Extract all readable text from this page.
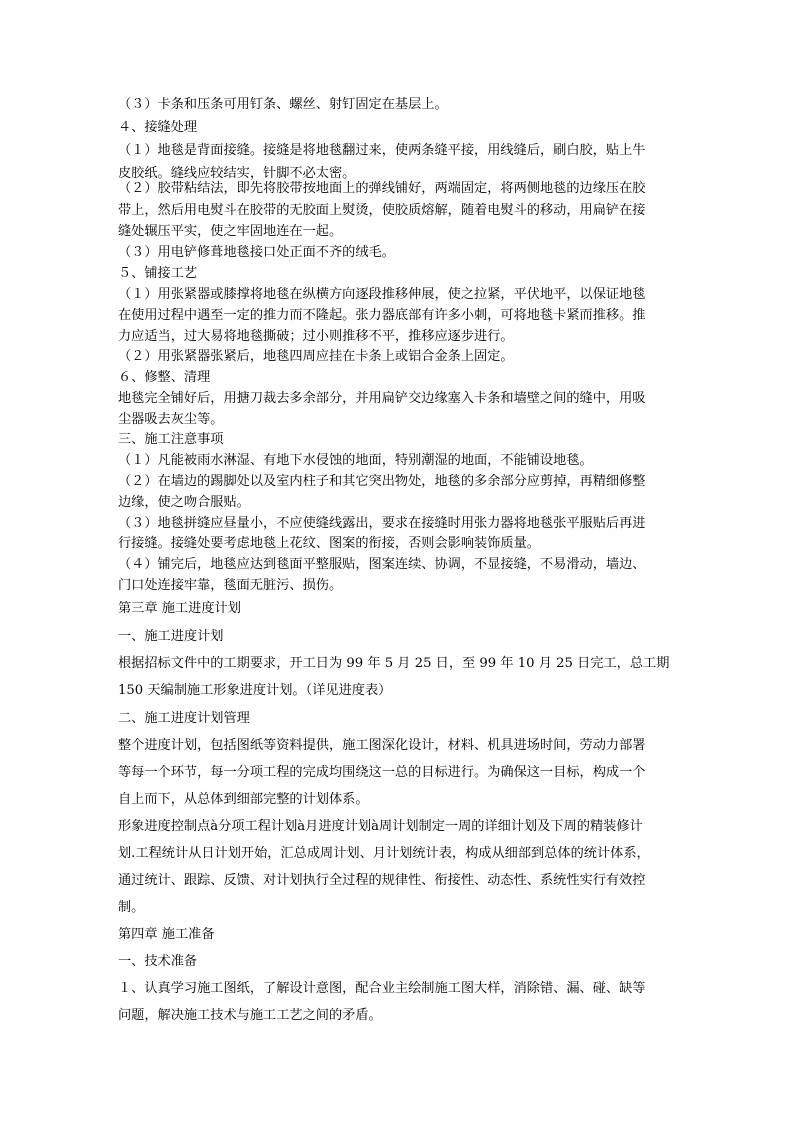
（３）卡条和压条可用钉条、螺丝、射钉固定在基层上。
４、接缝处理
（１）地毯是背面接缝。接缝是将地毯翻过来，使两条缝平接，用线缝后，刷白胶，贴上牛
皮胶纸。缝线应较结实，针脚不必太密。
（２）胶带粘结法，即先将胶带按地面上的弹线铺好，两端固定，将两侧地毯的边缘压在胶
带上，然后用电熨斗在胶带的无胶面上熨烫，使胶质熔解，随着电熨斗的移动，用扁铲在接
缝处辗压平实，使之牢固地连在一起。
（３）用电铲修葺地毯接口处正面不齐的绒毛。
５、铺接工艺
（１）用张紧器或膝撑将地毯在纵横方向逐段推移伸展，使之拉紧，平伏地平，以保证地毯
在使用过程中遇至一定的推力而不隆起。张力器底部有许多小刺，可将地毯卡紧而推移。推
力应适当，过大易将地毯撕破；过小则推移不平，推移应逐步进行。
（２）用张紧器张紧后，地毯四周应挂在卡条上或铝合金条上固定。
６、修整、清理
地毯完全铺好后，用搪刀裁去多余部分，并用扁铲交边缘塞入卡条和墙壁之间的缝中，用吸
尘器吸去灰尘等。
三、施工注意事项
（１）凡能被雨水淋湿、有地下水侵蚀的地面，特别潮湿的地面，不能铺设地毯。
（２）在墙边的踢脚处以及室内柱子和其它突出物处，地毯的多余部分应剪掉，再精细修整
边缘，使之吻合服贴。
（３）地毯拼缝应昼量小，不应使缝线露出，要求在接缝时用张力器将地毯张平服贴后再进
行接缝。接缝处要考虑地毯上花纹、图案的衔接，否则会影响装饰质量。
（４）铺完后，地毯应达到毯面平整服贴，图案连续、协调，不显接缝，不易滑动，墙边、
门口处连接牢靠，毯面无脏污、损伤。
第三章 施工进度计划
一、施工进度计划
根据招标文件中的工期要求，开工日为 99 年 5 月 25 日，至 99 年 10 月 25 日完工，总工期
150 天编制施工形象进度计划。（详见进度表）
二、施工进度计划管理
整个进度计划，包括图纸等资料提供，施工图深化设计，材料、机具进场时间，劳动力部署
等每一个环节，每一分项工程的完成均围绕这一总的目标进行。为确保这一目标，构成一个
自上而下，从总体到细部完整的计划体系。
形象进度控制点à分项工程计划à月进度计划à周计划制定一周的详细计划及下周的精装修计
划.工程统计从日计划开始，汇总成周计划、月计划统计表，构成从细部到总体的统计体系，
通过统计、跟踪、反馈、对计划执行全过程的规律性、衔接性、动态性、系统性实行有效控
制。
第四章 施工准备
一、技术准备
１、认真学习施工图纸，了解设计意图，配合业主绘制施工图大样，消除错、漏、碰、缺等
问题，解决施工技术与施工工艺之间的矛盾。
